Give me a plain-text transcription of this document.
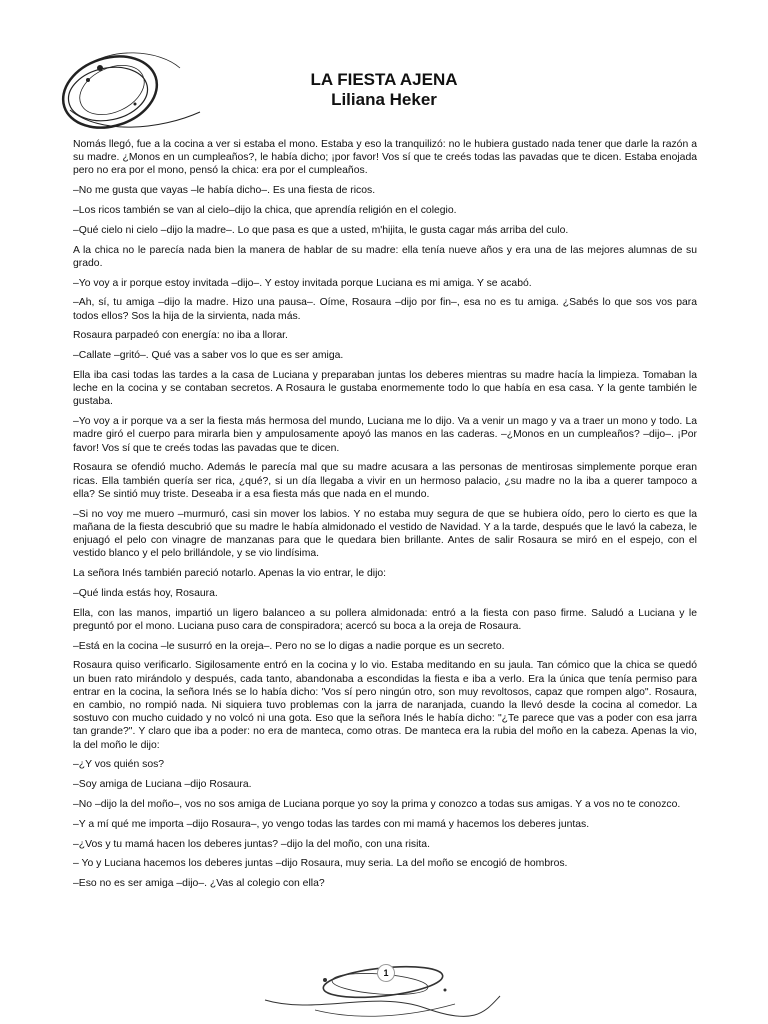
LA FIESTA AJENA
Liliana Heker

Nomás llegó, fue a la cocina a ver si estaba el mono. Estaba y eso la tranquilizó: no le hubiera gustado nada tener que darle la razón a su madre. ¿Monos en un cumpleaños?, le había dicho; ¡por favor! Vos sí que te creés todas las pavadas que te dicen. Estaba enojada pero no era por el mono, pensó la chica: era por el cumpleaños.

–No me gusta que vayas –le había dicho–. Es una fiesta de ricos.

–Los ricos también se van al cielo–dijo la chica, que aprendía religión en el colegio.

–Qué cielo ni cielo –dijo la madre–. Lo que pasa es que a usted, m'hijita, le gusta cagar más arriba del culo.

A la chica no le parecía nada bien la manera de hablar de su madre: ella tenía nueve años y era una de las mejores alumnas de su grado.

–Yo voy a ir porque estoy invitada –dijo–. Y estoy invitada porque Luciana es mi amiga. Y se acabó.

–Ah, sí, tu amiga –dijo la madre. Hizo una pausa–. Oíme, Rosaura –dijo por fin–, esa no es tu amiga. ¿Sabés lo que sos vos para todos ellos? Sos la hija de la sirvienta, nada más.

Rosaura parpadeó con energía: no iba a llorar.

–Callate –gritó–. Qué vas a saber vos lo que es ser amiga.

Ella iba casi todas las tardes a la casa de Luciana y preparaban juntas los deberes mientras su madre hacía la limpieza. Tomaban la leche en la cocina y se contaban secretos. A Rosaura le gustaba enormemente todo lo que había en esa casa. Y la gente también le gustaba.

–Yo voy a ir porque va a ser la fiesta más hermosa del mundo, Luciana me lo dijo. Va a venir un mago y va a traer un mono y todo. La madre giró el cuerpo para mirarla bien y ampulosamente apoyó las manos en las caderas. –¿Monos en un cumpleaños? –dijo–. ¡Por favor! Vos sí que te creés todas las pavadas que te dicen.

Rosaura se ofendió mucho. Además le parecía mal que su madre acusara a las personas de mentirosas simplemente porque eran ricas. Ella también quería ser rica, ¿qué?, si un día llegaba a vivir en un hermoso palacio, ¿su madre no la iba a querer tampoco a ella? Se sintió muy triste. Deseaba ir a esa fiesta más que nada en el mundo.

–Si no voy me muero –murmuró, casi sin mover los labios. Y no estaba muy segura de que se hubiera oído, pero lo cierto es que la mañana de la fiesta descubrió que su madre le había almidonado el vestido de Navidad. Y a la tarde, después que le lavó la cabeza, le enjuagó el pelo con vinagre de manzanas para que le quedara bien brillante. Antes de salir Rosaura se miró en el espejo, con el vestido blanco y el pelo brillándole, y se vio lindísima.

La señora Inés también pareció notarlo. Apenas la vio entrar, le dijo:

–Qué linda estás hoy, Rosaura.

Ella, con las manos, impartió un ligero balanceo a su pollera almidonada: entró a la fiesta con paso firme. Saludó a Luciana y le preguntó por el mono. Luciana puso cara de conspiradora; acercó su boca a la oreja de Rosaura.

–Está en la cocina –le susurró en la oreja–. Pero no se lo digas a nadie porque es un secreto.

Rosaura quiso verificarlo. Sigilosamente entró en la cocina y lo vio. Estaba meditando en su jaula. Tan cómico que la chica se quedó un buen rato mirándolo y después, cada tanto, abandonaba a escondidas la fiesta e iba a verlo. Era la única que tenía permiso para entrar en la cocina, la señora Inés se lo había dicho: 'Vos sí pero ningún otro, son muy revoltosos, capaz que rompen algo". Rosaura, en cambio, no rompió nada. Ni siquiera tuvo problemas con la jarra de naranjada, cuando la llevó desde la cocina al comedor. La sostuvo con mucho cuidado y no volcó ni una gota. Eso que la señora Inés le había dicho: "¿Te parece que vas a poder con esa jarra tan grande?". Y claro que iba a poder: no era de manteca, como otras. De manteca era la rubia del moño en la cabeza. Apenas la vio, la del moño le dijo:

–¿Y vos quién sos?

–Soy amiga de Luciana –dijo Rosaura.

–No –dijo la del moño–, vos no sos amiga de Luciana porque yo soy la prima y conozco a todas sus amigas. Y a vos no te conozco.

–Y a mí qué me importa –dijo Rosaura–, yo vengo todas las tardes con mi mamá y hacemos los deberes juntas.

–¿Vos y tu mamá hacen los deberes juntas? –dijo la del moño, con una risita.

– Yo y Luciana hacemos los deberes juntas –dijo Rosaura, muy seria. La del moño se encogió de hombros.

–Eso no es ser amiga –dijo–. ¿Vas al colegio con ella?

1
